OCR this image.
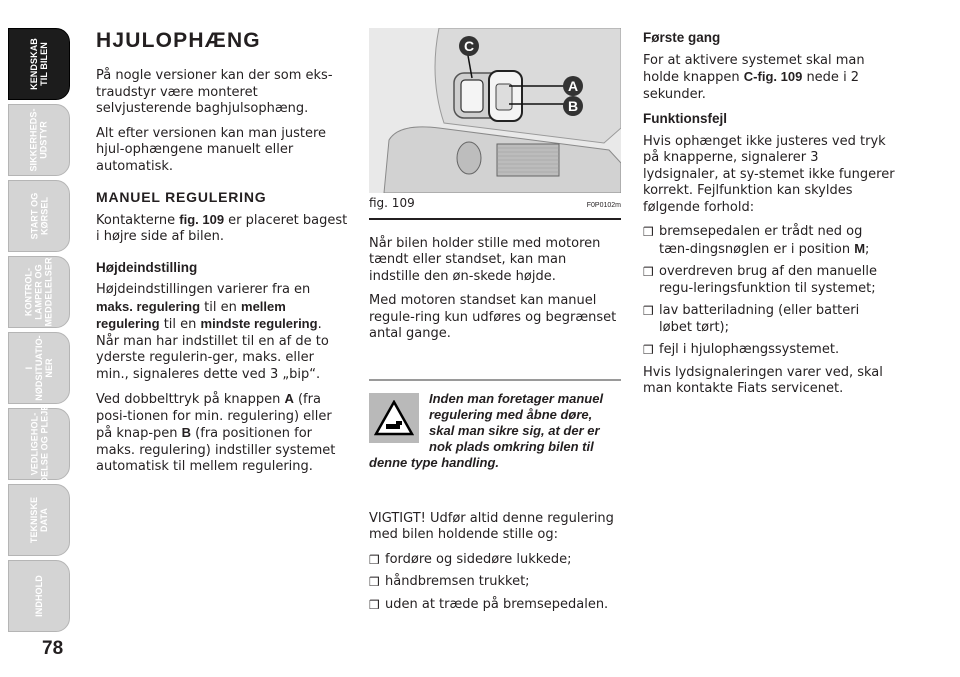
KENDSKAB
TIL BILEN
SIKKERHEDS-
UDSTYR
START OG
KØRSEL
KONTROL-
LAMPER OG
MEDDELELSER
I
NØDSITUATIO-
NER
VEDLIGEHOL-
DELSE OG PLEJE
TEKNISKE
DATA
INDHOLD
78
HJULOPHÆNG

På nogle versioner kan der som eks-traudstyr være monteret selvjusterende baghjulsophæng.

Alt efter versionen kan man justere hjul-ophængene manuelt eller automatisk.

MANUEL REGULERING

Kontakterne fig. 109 er placeret bagest i højre side af bilen.

Højdeindstilling

Højdeindstillingen varierer fra en maks. regulering til en mellem regulering til en mindste regulering. Når man har indstillet til en af de to yderste regulerin-ger, maks. eller min., signaleres dette ved 3 „bip“.

Ved dobbelttryk på knappen A (fra posi-tionen for min. regulering) eller på knap-pen B (fra positionen for maks. regulering) indstiller systemet automatisk til mellem regulering.

C
A
B
fig. 109	F0P0102m

Når bilen holder stille med motoren tændt eller standset, kan man indstille den øn-skede højde.

Med motoren standset kan manuel regule-ring kun udføres og begrænset antal gange.

Inden man foretager manuel regulering med åbne døre, skal man sikre sig, at der er nok plads omkring bilen til denne type handling.

VIGTIGT! Udfør altid denne regulering med bilen holdende stille og:

❒ fordøre og sidedøre lukkede;
❒ håndbremsen trukket;
❒ uden at træde på bremsepedalen.
Første gang

For at aktivere systemet skal man holde knappen C-fig. 109 nede i 2 sekunder.

Funktionsfejl

Hvis ophænget ikke justeres ved tryk på knapperne, signalerer 3 lydsignaler, at sy-stemet ikke fungerer korrekt. Fejlfunktion kan skyldes følgende forhold:

❒ bremsepedalen er trådt ned og tæn-dingsnøglen er i position M;
❒ overdreven brug af den manuelle regu-leringsfunktion til systemet;
❒ lav batteriladning (eller batteri løbet tørt);
❒ fejl i hjulophængssystemet.

Hvis lydsignaleringen varer ved, skal man kontakte Fiats servicenet.
